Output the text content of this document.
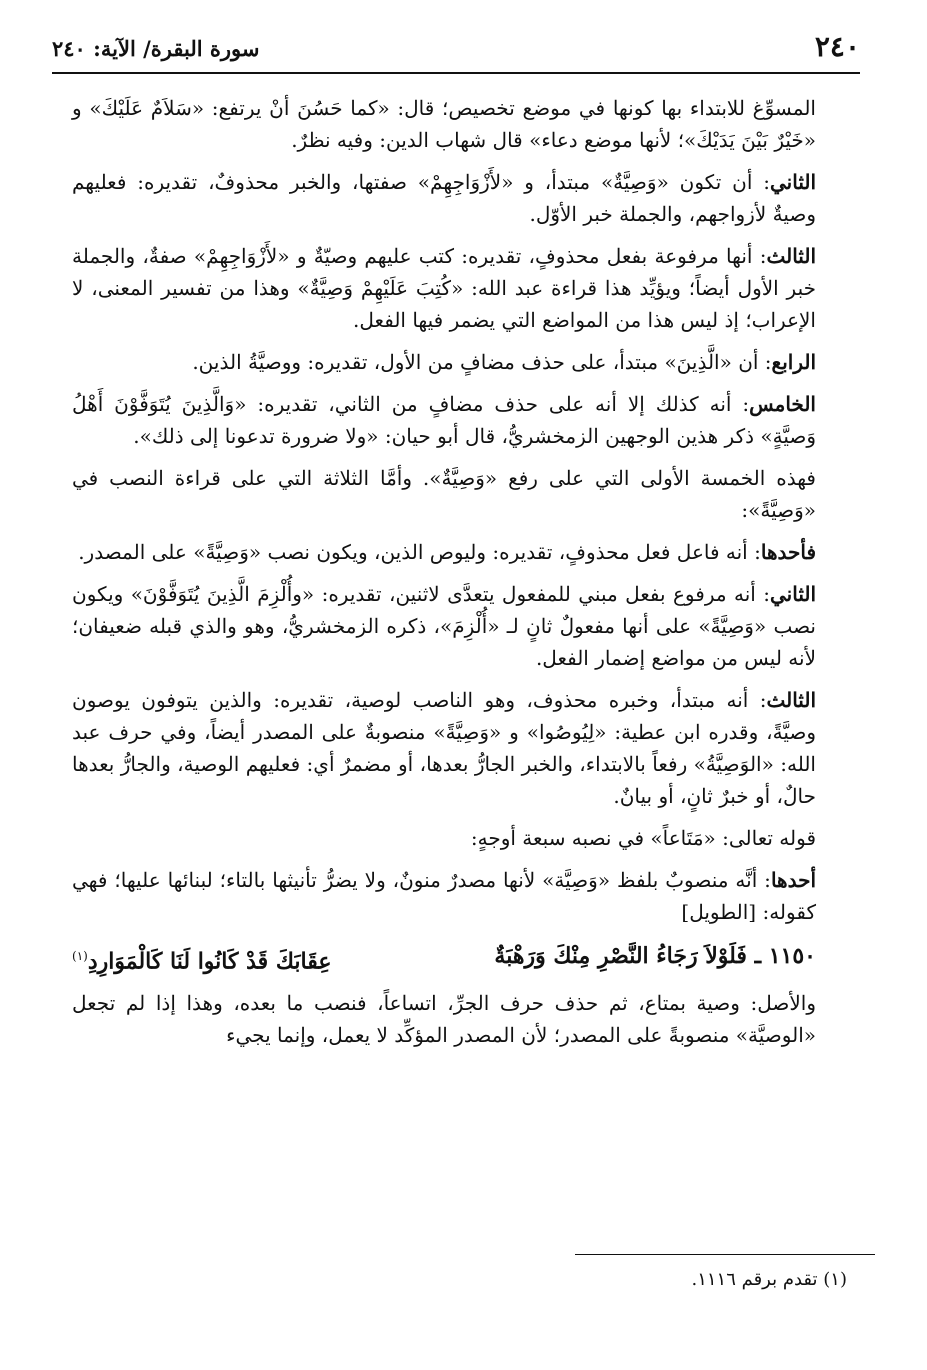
٢٤٠
سورة البقرة/ الآية: ٢٤٠

المسوِّغ للابتداء بها كونها في موضع تخصيص؛ قال: «كما حَسُنَ أنْ يرتفع: «سَلاَمٌ عَلَيْكَ» و «خَيْرٌ بَيْنَ يَدَيْكَ»؛ لأنها موضع دعاء» قال شهاب الدين: وفيه نظرٌ.

الثاني: أن تكون «وَصِيَّةٌ» مبتدأ، و «لأَزْوَاجِهِمْ» صفتها، والخبر محذوفٌ، تقديره: فعليهم وصيةٌ لأزواجهم، والجملة خبر الأوّل.

الثالث: أنها مرفوعة بفعل محذوفٍ، تقديره: كتب عليهم وصيّةٌ و «لأَزْوَاجِهِمْ» صفةٌ، والجملة خبر الأول أيضاً؛ ويؤيِّد هذا قراءة عبد الله: «كُتِبَ عَلَيْهِمْ وَصِيَّةٌ» وهذا من تفسير المعنى، لا الإعراب؛ إذ ليس هذا من المواضع التي يضمر فيها الفعل.

الرابع: أن «الَّذِينَ» مبتدأ، على حذف مضافٍ من الأول، تقديره: ووصيَّةُ الذين.

الخامس: أنه كذلك إلا أنه على حذف مضافٍ من الثاني، تقديره: «وَالَّذِينَ يُتَوَفَّوْنَ أَهْلُ وَصيَّةٍ» ذكر هذين الوجهين الزمخشريُّ، قال أبو حيان: «ولا ضرورة تدعونا إلى ذلك».

فهذه الخمسة الأولى التي على رفع «وَصِيَّةٌ». وأمَّا الثلاثة التي على قراءة النصب في «وَصِيَّةً»:

فأحدها: أنه فاعل فعل محذوفٍ، تقديره: وليوص الذين، ويكون نصب «وَصِيَّةً» على المصدر.

الثاني: أنه مرفوع بفعل مبني للمفعول يتعدَّى لاثنين، تقديره: «وأُلْزِمَ الَّذِينَ يُتَوَفَّوْنَ» ويكون نصب «وَصِيَّةً» على أنها مفعولٌ ثانٍ لـ «أُلْزِمَ»، ذكره الزمخشريُّ، وهو والذي قبله ضعيفان؛ لأنه ليس من مواضع إضمار الفعل.

الثالث: أنه مبتدأ، وخبره محذوف، وهو الناصب لوصية، تقديره: والذين يتوفون يوصون وصيَّةً، وقدره ابن عطية: «لِيُوصُوا» و «وَصِيَّةً» منصوبةٌ على المصدر أيضاً، وفي حرف عبد الله: «الوَصِيَّةُ» رفعاً بالابتداء، والخبر الجارُّ بعدها، أو مضمرٌ أي: فعليهم الوصية، والجارُّ بعدها حالٌ، أو خبرٌ ثانٍ، أو بيانٌ.

قوله تعالى: «مَتَاعاً» في نصبه سبعة أوجهٍ:

أحدها: أنَّه منصوبٌ بلفظ «وَصِيَّة» لأنها مصدرٌ منونٌ، ولا يضرُّ تأنيثها بالتاء؛ لبنائها عليها؛ فهي كقوله: [الطويل]

١١٥٠ ـ فَلَوْلاَ رَجَاءُ النَّصْرِ مِنْكَ وَرَهْبَةٌ
عِقَابَكَ قَدْ كَانُوا لَنَا كَالْمَوَارِدِ$^{(١)}$

والأصل: وصية بمتاع، ثم حذف حرف الجرِّ، اتساعاً، فنصب ما بعده، وهذا إذا لم تجعل «الوصيَّة» منصوبةً على المصدر؛ لأن المصدر المؤكِّد لا يعمل، وإنما يجيء

(١) تقدم برقم ١١١٦.
